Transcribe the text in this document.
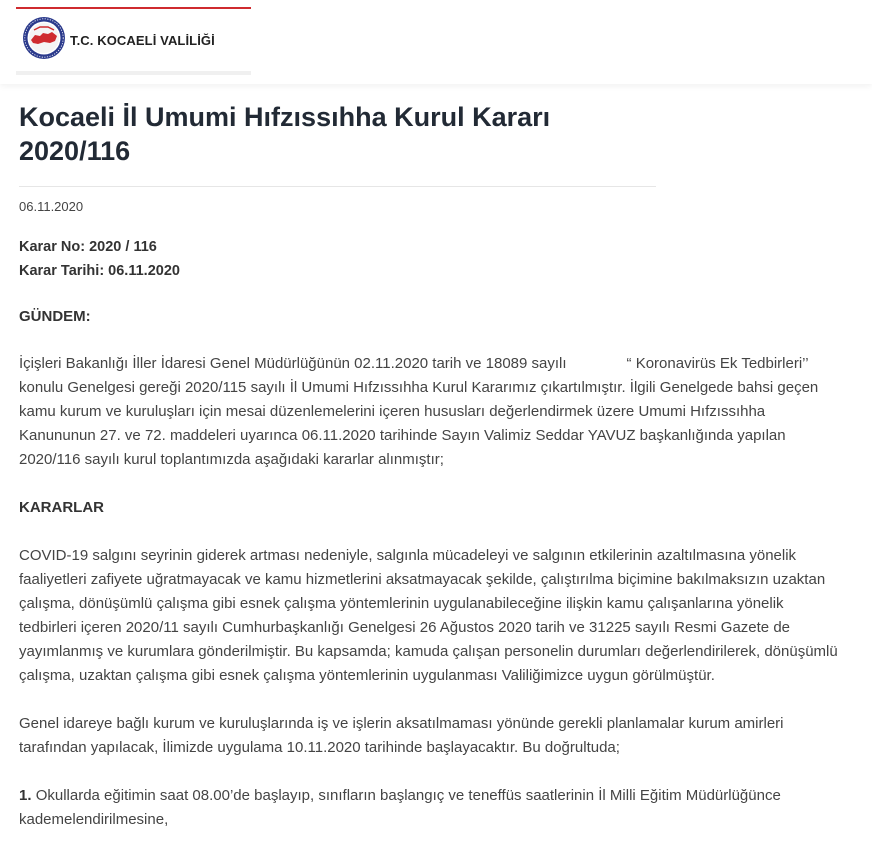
T.C. KOCAELİ VALİLİĞİ
Kocaeli İl Umumi Hıfzıssıhha Kurul Kararı
2020/116
06.11.2020
Karar No: 2020 / 116
Karar Tarihi: 06.11.2020
GÜNDEM:

İçişleri Bakanlığı İller İdaresi Genel Müdürlüğünün 02.11.2020 tarih ve 18089 sayılı	“ Koronavirüs Ek Tedbirleri’’ konulu Genelgesi gereği 2020/115 sayılı İl Umumi Hıfzıssıhha Kurul Kararımız çıkartılmıştır. İlgili Genelgede bahsi geçen kamu kurum ve kuruluşları için mesai düzenlemelerini içeren hususları değerlendirmek üzere Umumi Hıfzıssıhha Kanununun 27. ve 72. maddeleri uyarınca 06.11.2020 tarihinde Sayın Valimiz Seddar YAVUZ başkanlığında yapılan 2020/116 sayılı kurul toplantımızda aşağıdaki kararlar alınmıştır;

KARARLAR

COVID-19 salgını seyrinin giderek artması nedeniyle, salgınla mücadeleyi ve salgının etkilerinin azaltılmasına yönelik faaliyetleri zafiyete uğratmayacak ve kamu hizmetlerini aksatmayacak şekilde, çalıştırılma biçimine bakılmaksızın uzaktan çalışma, dönüşümlü çalışma gibi esnek çalışma yöntemlerinin uygulanabileceğine ilişkin kamu çalışanlarına yönelik tedbirleri içeren 2020/11 sayılı Cumhurbaşkanlığı Genelgesi 26 Ağustos 2020 tarih ve 31225 sayılı Resmi Gazete de yayımlanmış ve kurumlara gönderilmiştir. Bu kapsamda; kamuda çalışan personelin durumları değerlendirilerek, dönüşümlü çalışma, uzaktan çalışma gibi esnek çalışma yöntemlerinin uygulanması Valiliğimizce uygun görülmüştür.

Genel idareye bağlı kurum ve kuruluşlarında iş ve işlerin aksatılmaması yönünde gerekli planlamalar kurum amirleri tarafından yapılacak, İlimizde uygulama 10.11.2020 tarihinde başlayacaktır. Bu doğrultuda;

1. Okullarda eğitimin saat 08.00’de başlayıp, sınıfların başlangıç ve teneffüs saatlerinin İl Milli Eğitim Müdürlüğünce kademelendirilmesine,
